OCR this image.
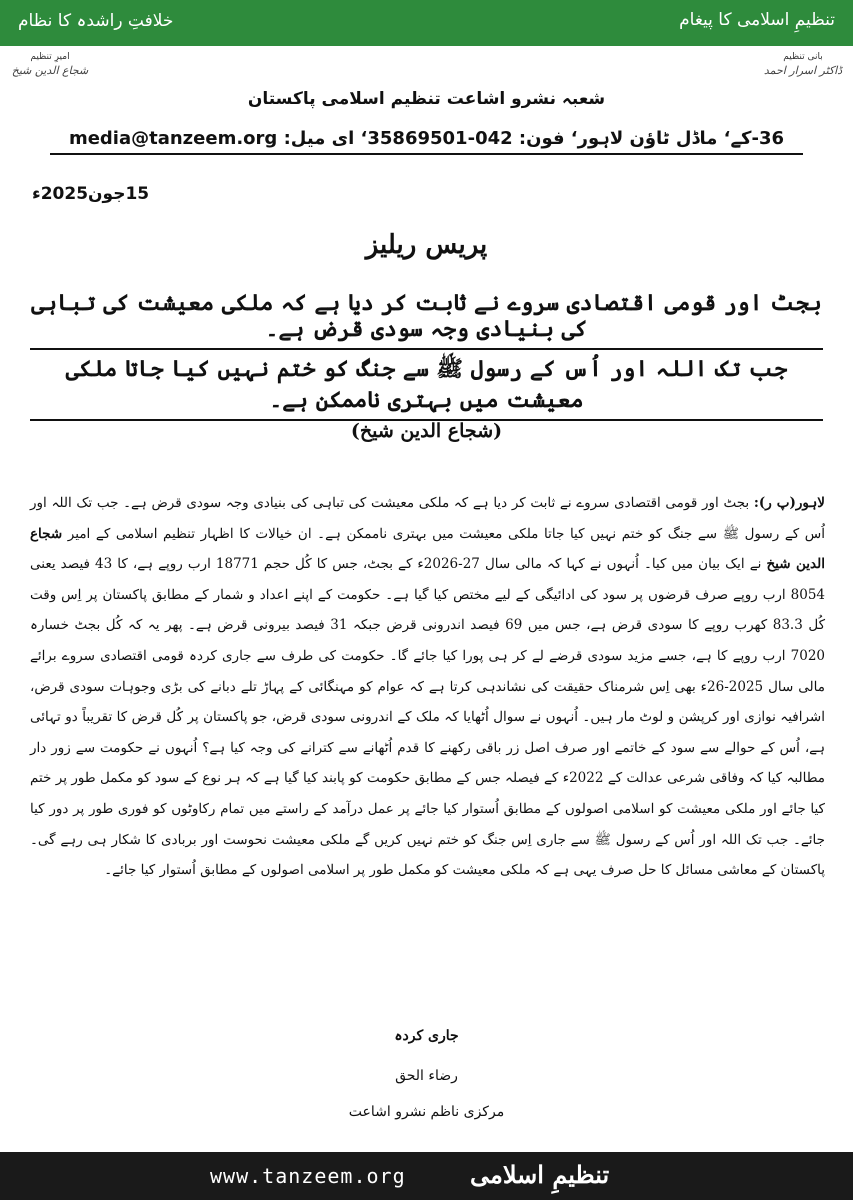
خلافتِ راشدہ کا نظام	تنظیمِ اسلامی کا پیغام
امیرِ تنظیم
شجاع الدین شیخ
بانی تنظیم
ڈاکٹر اسرار احمد
شعبہ نشرو اشاعت تنظیم اسلامی پاکستان
36-کے‘ ماڈل ٹاؤن لاہور‘ فون: 042-35869501‘ ای میل: media@tanzeem.org
15جون2025ء
پریس ریلیز
بجٹ اور قومی اقتصادی سروے نے ثابت کر دیا ہے کہ ملکی معیشت کی تباہی کی بنیادی وجہ سودی قرض ہے۔
جب تک اللہ اور اُس کے رسول ﷺ سے جنگ کو ختم نہیں کیا جاتا ملکی معیشت میں بہتری ناممکن ہے۔
(شجاع الدین شیخ)
لاہور(پ ر): بجٹ اور قومی اقتصادی سروے نے ثابت کر دیا ہے کہ ملکی معیشت کی تباہی کی بنیادی وجہ سودی قرض ہے۔ جب تک اللہ اور اُس کے رسول ﷺ سے جنگ کو ختم نہیں کیا جاتا ملکی معیشت میں بہتری ناممکن ہے۔ ان خیالات کا اظہار تنظیم اسلامی کے امیر شجاع الدین شیخ نے ایک بیان میں کیا۔ اُنہوں نے کہا کہ مالی سال 27-2026ء کے بجٹ، جس کا کُل حجم 18771 ارب روپے ہے، کا 43 فیصد یعنی 8054 ارب روپے صرف قرضوں پر سود کی ادائیگی کے لیے مختص کیا گیا ہے۔ حکومت کے اپنے اعداد و شمار کے مطابق پاکستان پر اِس وقت کُل 83.3 کھرب روپے کا سودی قرض ہے، جس میں 69 فیصد اندرونی قرض جبکہ 31 فیصد بیرونی قرض ہے۔ پھر یہ کہ کُل بجٹ خسارہ 7020 ارب روپے کا ہے، جسے مزید سودی قرضے لے کر ہی پورا کیا جائے گا۔ حکومت کی طرف سے جاری کردہ قومی اقتصادی سروے برائے مالی سال 2025-26ء بھی اِس شرمناک حقیقت کی نشاندہی کرتا ہے کہ عوام کو مہنگائی کے پہاڑ تلے دبانے کی بڑی وجوہات سودی قرض، اشرافیہ نوازی اور کرپشن و لوٹ مار ہیں۔ اُنہوں نے سوال اُٹھایا کہ ملک کے اندرونی سودی قرض، جو پاکستان پر کُل قرض کا تقریباً دو تہائی ہے، اُس کے حوالے سے سود کے خاتمے اور صرف اصل زر باقی رکھنے کا قدم اُٹھانے سے کترانے کی وجہ کیا ہے؟ اُنہوں نے حکومت سے زور دار مطالبہ کیا کہ وفاقی شرعی عدالت کے 2022ء کے فیصلہ جس کے مطابق حکومت کو پابند کیا گیا ہے کہ ہر نوع کے سود کو مکمل طور پر ختم کیا جائے اور ملکی معیشت کو اسلامی اصولوں کے مطابق اُستوار کیا جائے پر عمل درآمد کے راستے میں تمام رکاوٹوں کو فوری طور پر دور کیا جائے۔ جب تک اللہ اور اُس کے رسول ﷺ سے جاری اِس جنگ کو ختم نہیں کریں گے ملکی معیشت نحوست اور بربادی کا شکار ہی رہے گی۔ پاکستان کے معاشی مسائل کا حل صرف یہی ہے کہ ملکی معیشت کو مکمل طور پر اسلامی اصولوں کے مطابق اُستوار کیا جائے۔
جاری کردہ
رضاء الحق
مرکزی ناظم نشرو اشاعت
www.tanzeem.org	تنظیمِ اسلامی
